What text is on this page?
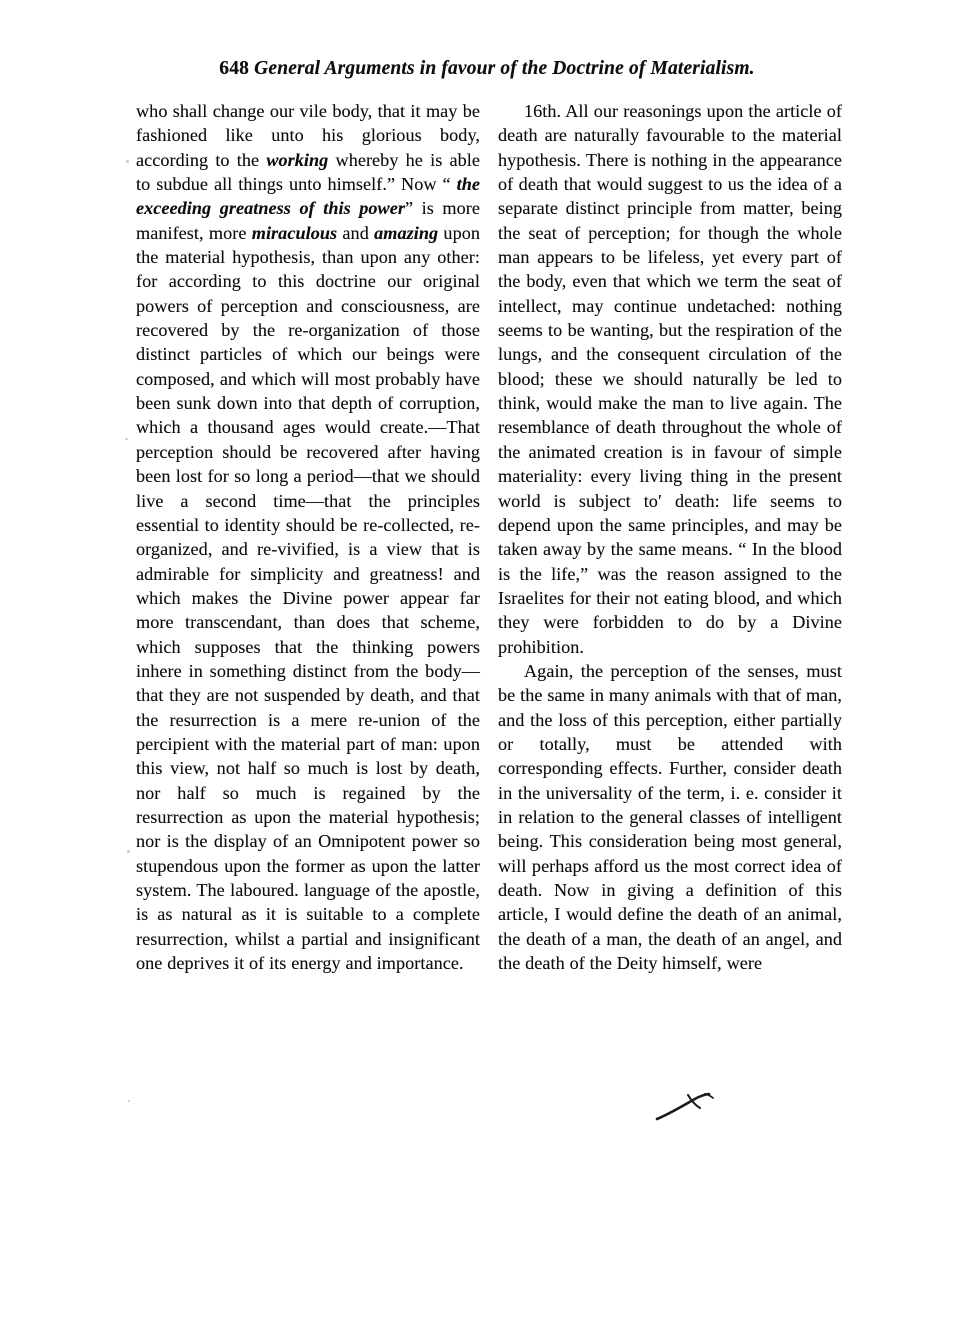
648 General Arguments in favour of the Doctrine of Materialism.

who shall change our vile body, that it may be fashioned like unto his glorious body, according to the working whereby he is able to subdue all things unto himself.” Now “ the exceeding greatness of this power” is more manifest, more miraculous and amazing upon the material hypothesis, than upon any other: for according to this doctrine our original powers of perception and consciousness, are recovered by the re-organization of those distinct particles of which our beings were composed, and which will most probably have been sunk down into that depth of corruption, which a thousand ages would create.—That perception should be recovered after having been lost for so long a period—that we should live a second time—that the principles essential to identity should be re-collected, re-organized, and re-vivified, is a view that is admirable for simplicity and greatness! and which makes the Divine power appear far more transcendant, than does that scheme, which supposes that the thinking powers inhere in something distinct from the body—that they are not suspended by death, and that the resurrection is a mere re-union of the percipient with the material part of man: upon this view, not half so much is lost by death, nor half so much is regained by the resurrection as upon the material hypothesis; nor is the display of an Omnipotent power so stupendous upon the former as upon the latter system. The laboured. language of the apostle, is as natural as it is suitable to a complete resurrection, whilst a partial and insignificant one deprives it of its energy and importance.

16th. All our reasonings upon the article of death are naturally favourable to the material hypothesis. There is nothing in the appearance of death that would suggest to us the idea of a separate distinct principle from matter, being the seat of perception; for though the whole man appears to be lifeless, yet every part of the body, even that which we term the seat of intellect, may continue undetached: nothing seems to be wanting, but the respiration of the lungs, and the consequent circulation of the blood; these we should naturally be led to think, would make the man to live again. The resemblance of death throughout the whole of the animated creation is in favour of simple materiality: every living thing in the present world is subject to′ death: life seems to depend upon the same principles, and may be taken away by the same means. “ In the blood is the life,” was the reason assigned to the Israelites for their not eating blood, and which they were forbidden to do by a Divine prohibition.

Again, the perception of the senses, must be the same in many animals with that of man, and the loss of this perception, either partially or totally, must be attended with corresponding effects. Further, consider death in the universality of the term, i. e. consider it in relation to the general classes of intelligent being. This consideration being most general, will perhaps afford us the most correct idea of death. Now in giving a definition of this article, I would define the death of an animal, the death of a man, the death of an angel, and the death of the Deity himself, were
